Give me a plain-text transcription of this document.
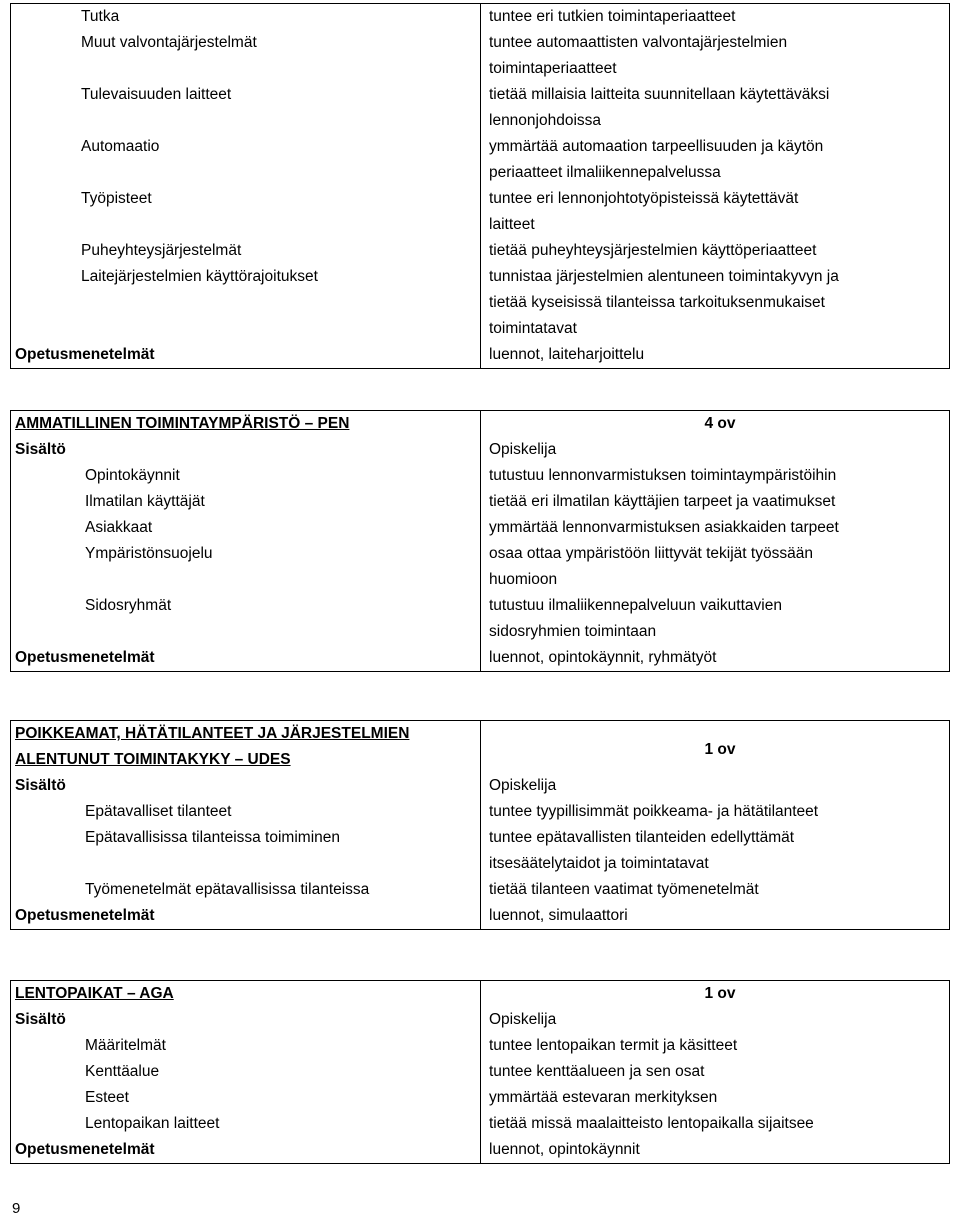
Tutka
Muut valvontajärjestelmät
Tulevaisuuden laitteet
Automaatio
Työpisteet
Puheyhteysjärjestelmät
Laitejärjestelmien käyttörajoitukset
Opetusmenetelmät
tuntee eri tutkien toimintaperiaatteet
tuntee automaattisten valvontajärjestelmien
toimintaperiaatteet
tietää millaisia laitteita suunnitellaan käytettäväksi
lennonjohdoissa
ymmärtää automaation tarpeellisuuden ja käytön
periaatteet ilmaliikennepalvelussa
tuntee eri lennonjohtotyöpisteissä käytettävät
laitteet
tietää puheyhteysjärjestelmien käyttöperiaatteet
tunnistaa järjestelmien alentuneen toimintakyvyn ja
tietää kyseisissä tilanteissa tarkoituksenmukaiset
toimintatavat
luennot, laiteharjoittelu
AMMATILLINEN TOIMINTAYMPÄRISTÖ – PEN
Sisältö
Opintokäynnit
Ilmatilan käyttäjät
Asiakkaat
Ympäristönsuojelu
Sidosryhmät
Opetusmenetelmät
4 ov
Opiskelija
tutustuu lennonvarmistuksen toimintaympäristöihin
tietää eri ilmatilan käyttäjien tarpeet ja vaatimukset
ymmärtää lennonvarmistuksen asiakkaiden tarpeet
osaa ottaa ympäristöön liittyvät tekijät työssään
huomioon
tutustuu ilmaliikennepalveluun vaikuttavien
sidosryhmien toimintaan
luennot, opintokäynnit, ryhmätyöt
POIKKEAMAT, HÄTÄTILANTEET JA JÄRJESTELMIEN
ALENTUNUT TOIMINTAKYKY – UDES
Sisältö
Epätavalliset tilanteet
Epätavallisissa tilanteissa toimiminen
Työmenetelmät epätavallisissa tilanteissa
Opetusmenetelmät
1 ov
Opiskelija
tuntee tyypillisimmät poikkeama- ja hätätilanteet
tuntee epätavallisten tilanteiden edellyttämät
itsesäätelytaidot ja toimintatavat
tietää tilanteen vaatimat työmenetelmät
luennot, simulaattori
LENTOPAIKAT – AGA
Sisältö
Määritelmät
Kenttäalue
Esteet
Lentopaikan laitteet
Opetusmenetelmät
1 ov
Opiskelija
tuntee lentopaikan termit ja käsitteet
tuntee kenttäalueen ja sen osat
ymmärtää estevaran merkityksen
tietää missä maalaitteisto lentopaikalla sijaitsee
luennot, opintokäynnit
9
